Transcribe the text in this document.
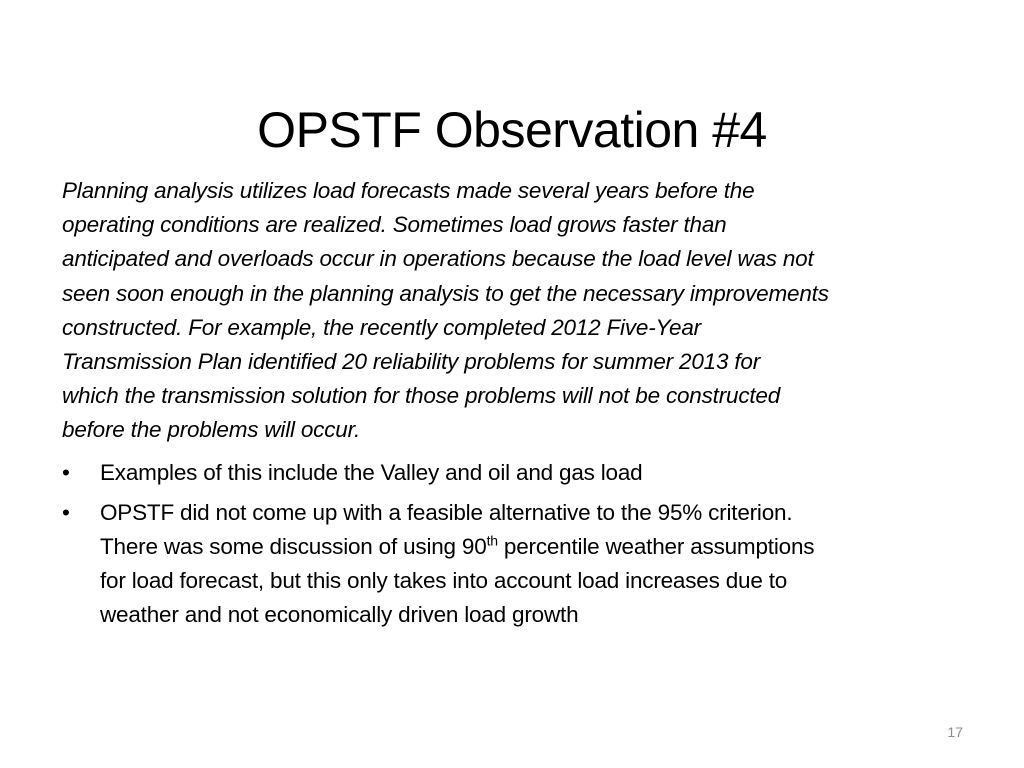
OPSTF Observation #4
Planning analysis utilizes load forecasts made several years before the
operating conditions are realized. Sometimes load grows faster than
anticipated and overloads occur in operations because the load level was not
seen soon enough in the planning analysis to get the necessary improvements
constructed. For example, the recently completed 2012 Five-Year
Transmission Plan identified 20 reliability problems for summer 2013 for
which the transmission solution for those problems will not be constructed
before the problems will occur.
•	Examples of this include the Valley and oil and gas load
•	OPSTF did not come up with a feasible alternative to the 95% criterion.
There was some discussion of using 90th percentile weather assumptions
for load forecast, but this only takes into account load increases due to
weather and not economically driven load growth
17
